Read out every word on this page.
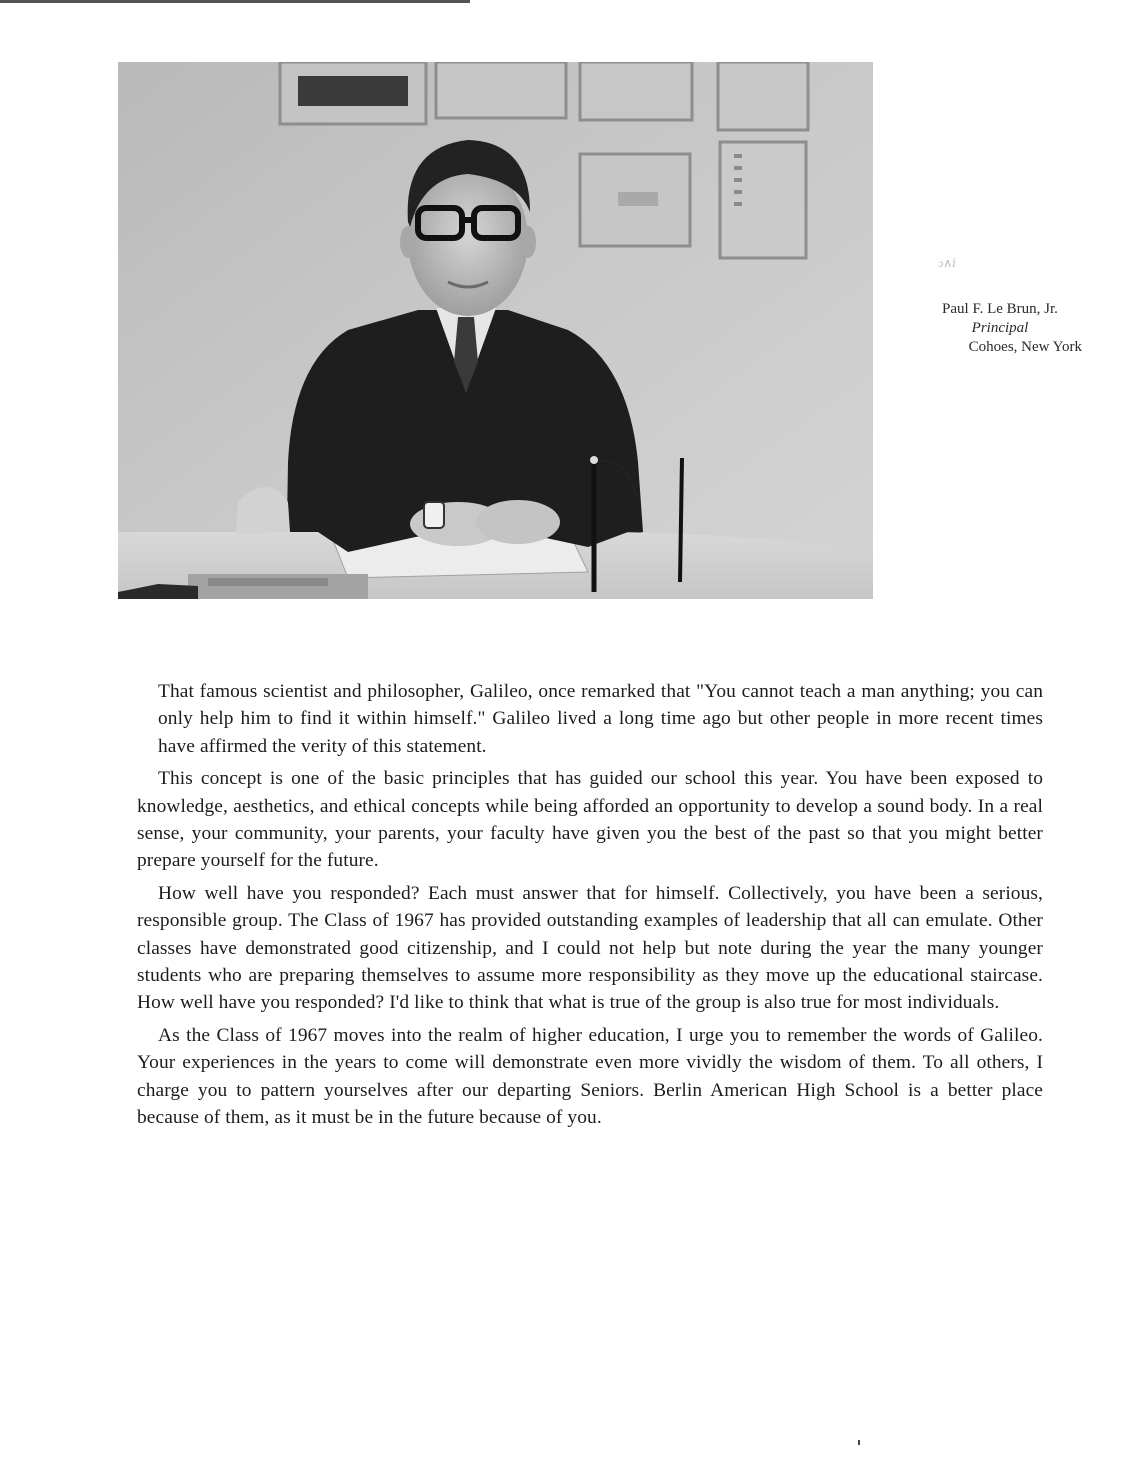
ↄ∧ⅰ
Paul F. Le Brun, Jr.
Principal
Cohoes, New York

That famous scientist and philosopher, Galileo, once remarked that "You cannot teach a man anything; you can only help him to find it within himself." Galileo lived a long time ago but other people in more recent times have affirmed the verity of this statement.

This concept is one of the basic principles that has guided our school this year. You have been exposed to knowledge, aesthetics, and ethical concepts while being afforded an opportunity to develop a sound body. In a real sense, your community, your parents, your faculty have given you the best of the past so that you might better prepare yourself for the future.

How well have you responded? Each must answer that for himself. Collectively, you have been a serious, responsible group. The Class of 1967 has provided outstanding examples of leadership that all can emulate. Other classes have demonstrated good citizenship, and I could not help but note during the year the many younger students who are preparing themselves to assume more responsibility as they move up the educational staircase. How well have you responded? I'd like to think that what is true of the group is also true for most individuals.

As the Class of 1967 moves into the realm of higher education, I urge you to remember the words of Galileo. Your experiences in the years to come will demonstrate even more vividly the wisdom of them. To all others, I charge you to pattern yourselves after our departing Seniors. Berlin American High School is a better place because of them, as it must be in the future because of you.
